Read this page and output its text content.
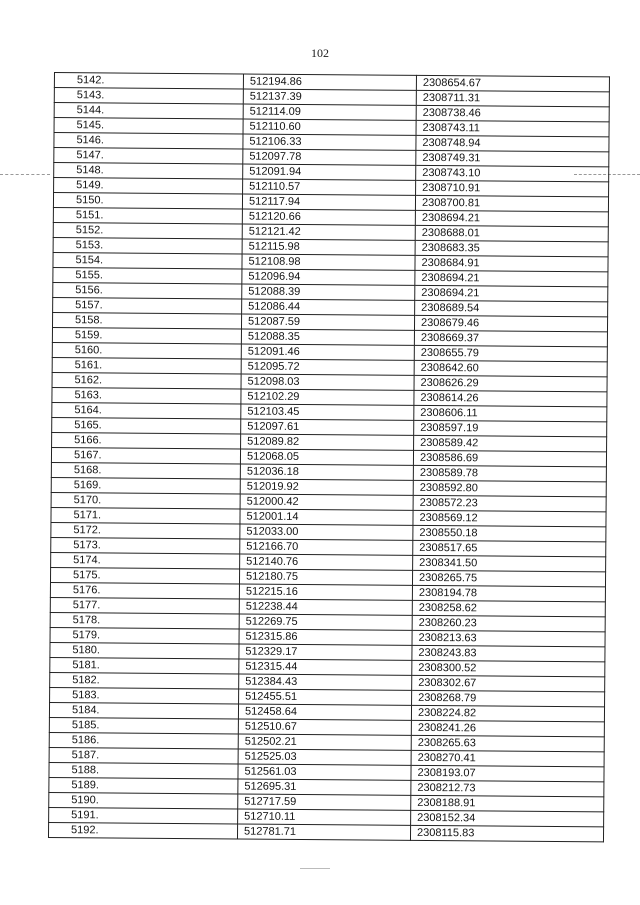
102
5142.	512194.86	2308654.67
5143.	512137.39	2308711.31
5144.	512114.09	2308738.46
5145.	512110.60	2308743.11
5146.	512106.33	2308748.94
5147.	512097.78	2308749.31
5148.	512091.94	2308743.10
5149.	512110.57	2308710.91
5150.	512117.94	2308700.81
5151.	512120.66	2308694.21
5152.	512121.42	2308688.01
5153.	512115.98	2308683.35
5154.	512108.98	2308684.91
5155.	512096.94	2308694.21
5156.	512088.39	2308694.21
5157.	512086.44	2308689.54
5158.	512087.59	2308679.46
5159.	512088.35	2308669.37
5160.	512091.46	2308655.79
5161.	512095.72	2308642.60
5162.	512098.03	2308626.29
5163.	512102.29	2308614.26
5164.	512103.45	2308606.11
5165.	512097.61	2308597.19
5166.	512089.82	2308589.42
5167.	512068.05	2308586.69
5168.	512036.18	2308589.78
5169.	512019.92	2308592.80
5170.	512000.42	2308572.23
5171.	512001.14	2308569.12
5172.	512033.00	2308550.18
5173.	512166.70	2308517.65
5174.	512140.76	2308341.50
5175.	512180.75	2308265.75
5176.	512215.16	2308194.78
5177.	512238.44	2308258.62
5178.	512269.75	2308260.23
5179.	512315.86	2308213.63
5180.	512329.17	2308243.83
5181.	512315.44	2308300.52
5182.	512384.43	2308302.67
5183.	512455.51	2308268.79
5184.	512458.64	2308224.82
5185.	512510.67	2308241.26
5186.	512502.21	2308265.63
5187.	512525.03	2308270.41
5188.	512561.03	2308193.07
5189.	512695.31	2308212.73
5190.	512717.59	2308188.91
5191.	512710.11	2308152.34
5192.	512781.71	2308115.83
